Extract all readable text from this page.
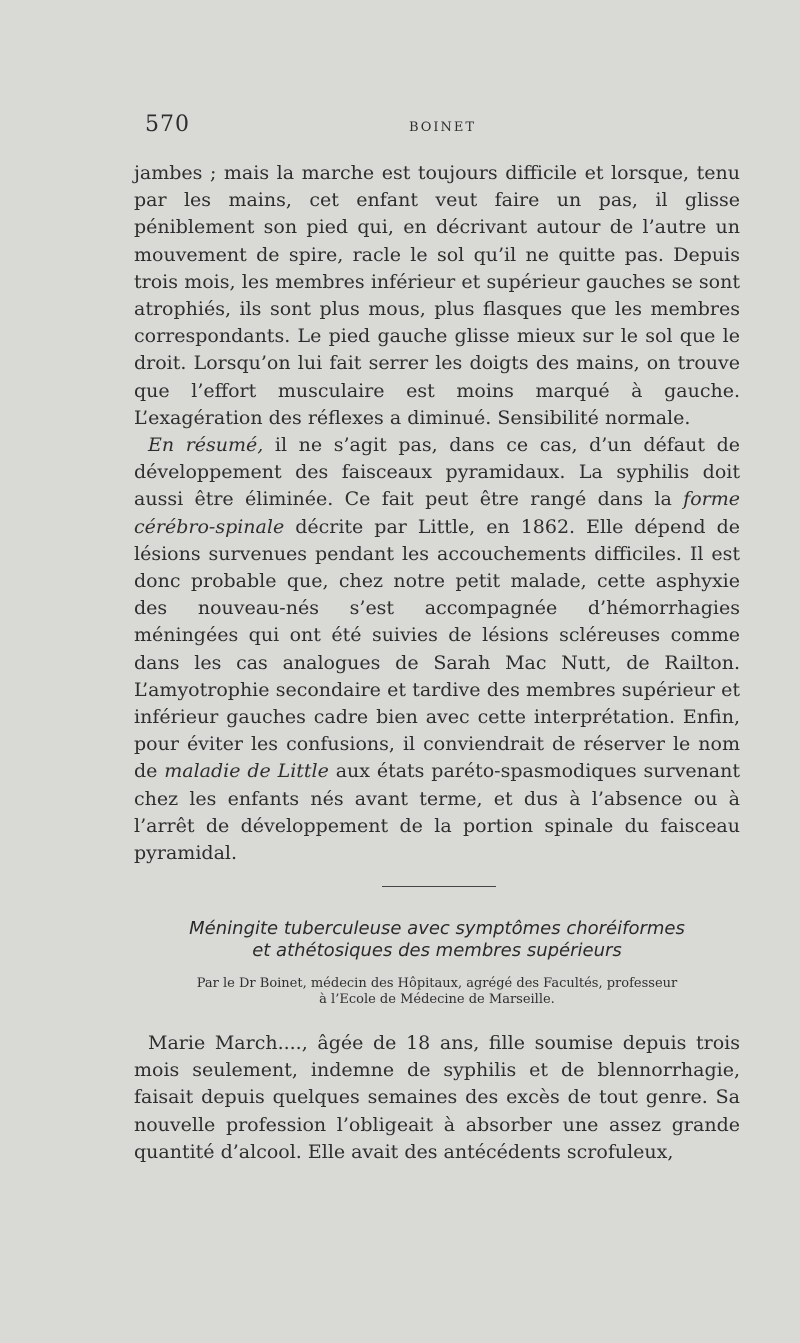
570	BOINET

jambes ; mais la marche est toujours difficile et lorsque, tenu par les mains, cet enfant veut faire un pas, il glisse péniblement son pied qui, en décrivant autour de l’autre un mouvement de spire, racle le sol qu’il ne quitte pas. Depuis trois mois, les membres inférieur et supérieur gauches se sont atrophiés, ils sont plus mous, plus flasques que les membres correspondants. Le pied gauche glisse mieux sur le sol que le droit. Lorsqu’on lui fait serrer les doigts des mains, on trouve que l’effort musculaire est moins marqué à gauche. L’exagération des réflexes a diminué. Sensibilité normale.

En résumé, il ne s’agit pas, dans ce cas, d’un défaut de développement des faisceaux pyramidaux. La syphilis doit aussi être éliminée. Ce fait peut être rangé dans la forme cérébro-spinale décrite par Little, en 1862. Elle dépend de lésions survenues pendant les accouchements difficiles. Il est donc probable que, chez notre petit malade, cette asphyxie des nouveau-nés s’est accompagnée d’hémorrhagies méningées qui ont été suivies de lésions scléreuses comme dans les cas analogues de Sarah Mac Nutt, de Railton. L’amyotrophie secondaire et tardive des membres supérieur et inférieur gauches cadre bien avec cette interprétation. Enfin, pour éviter les confusions, il conviendrait de réserver le nom de maladie de Little aux états paréto-spasmodiques survenant chez les enfants nés avant terme, et dus à l’absence ou à l’arrêt de développement de la portion spinale du faisceau pyramidal.

Méningite tuberculeuse avec symptômes choréiformes
et athétosiques des membres supérieurs
Par le Dr Boinet, médecin des Hôpitaux, agrégé des Facultés, professeur
à l’Ecole de Médecine de Marseille.

Marie March...., âgée de 18 ans, fille soumise depuis trois mois seulement, indemne de syphilis et de blennorrhagie, faisait depuis quelques semaines des excès de tout genre. Sa nouvelle profession l’obligeait à absorber une assez grande quantité d’alcool. Elle avait des antécédents scrofuleux,
